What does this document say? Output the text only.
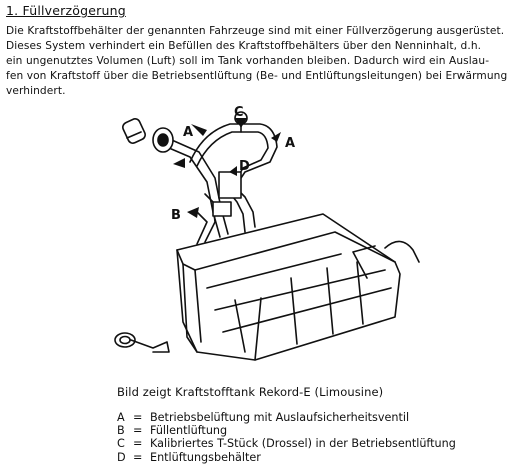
1. Füllverzögerung

Die Kraftstoffbehälter der genannten Fahrzeuge sind mit einer Füllverzögerung ausgerüstet.
Dieses System verhindert ein Befüllen des Kraftstoffbehälters über den Nenninhalt, d.h.
ein ungenutztes Volumen (Luft) soll im Tank vorhanden bleiben. Dadurch wird ein Auslau-
fen von Kraftstoff über die Betriebsentlüftung (Be- und Entlüftungsleitungen) bei Erwärmung
verhindert.

A
A
B
C
D
Bild zeigt Kraftstofftank Rekord-E (Limousine)
A = Betriebsbelüftung mit Auslaufsicherheitsventil
B = Füllentlüftung
C = Kalibriertes T-Stück (Drossel) in der Betriebsentlüftung
D = Entlüftungsbehälter
